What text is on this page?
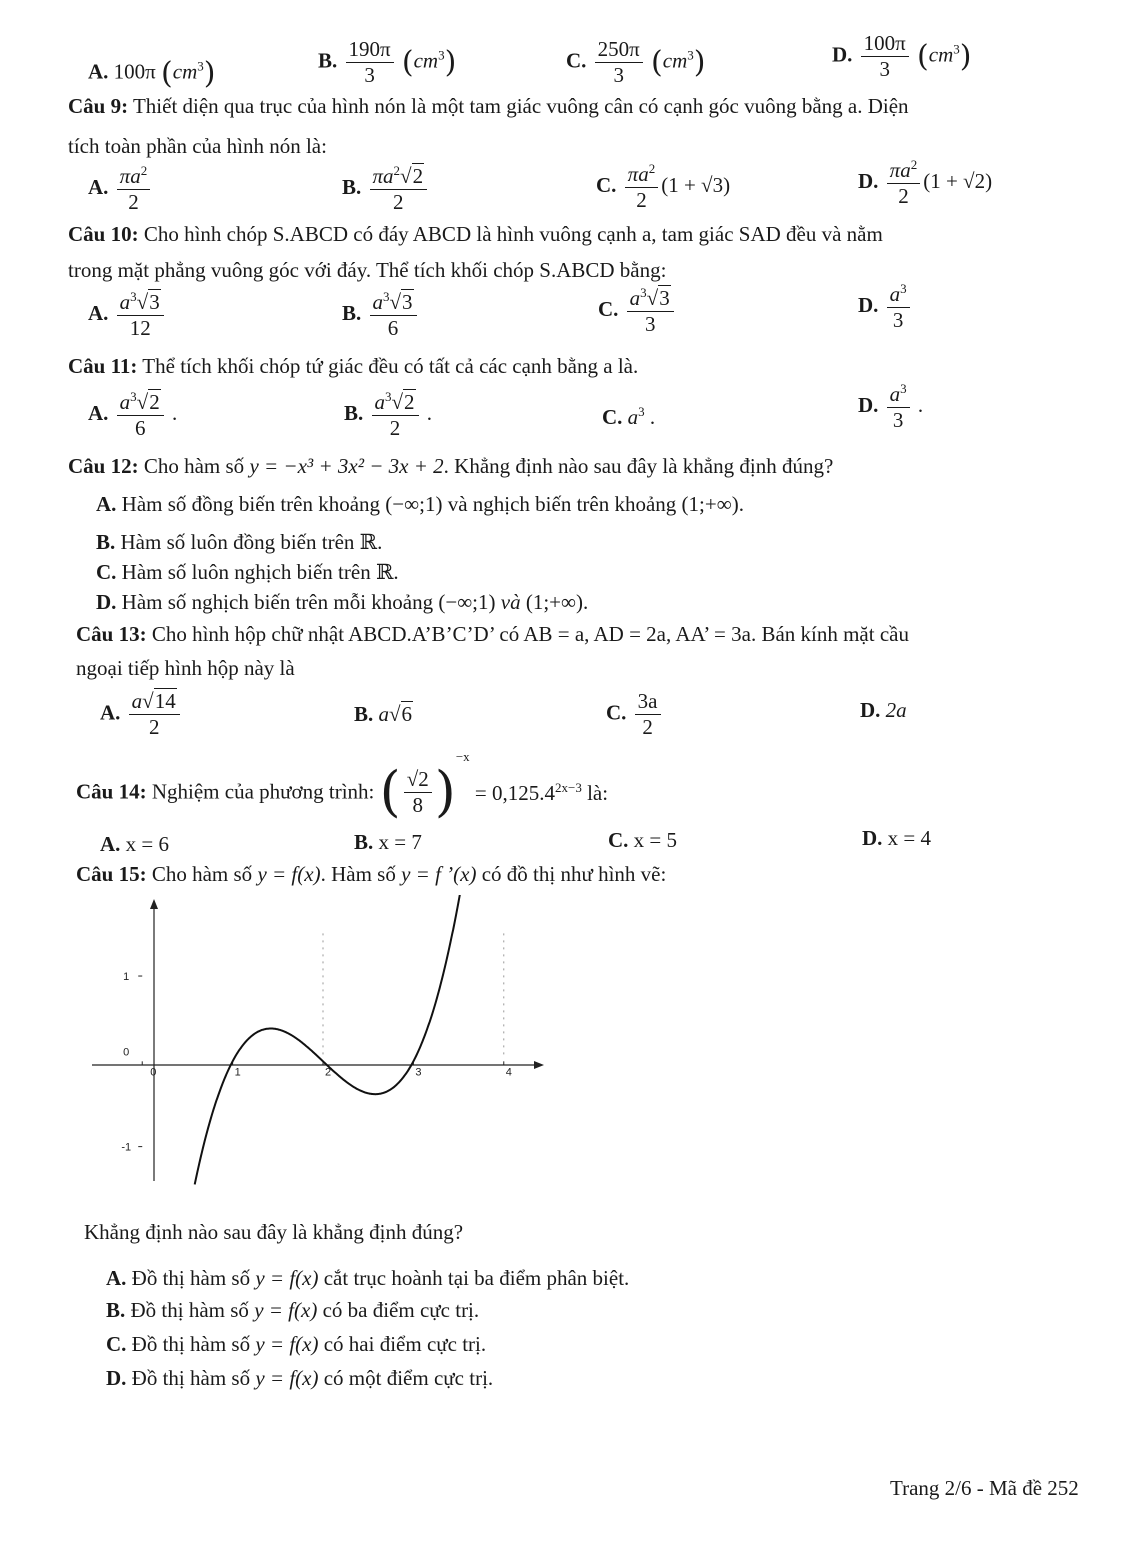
A. 100π $(cm^3)$	B. $\frac{190\pi}{3} (cm^3)$	C. $\frac{250\pi}{3} (cm^3)$	D. $\frac{100\pi}{3} (cm^3)$
Câu 9: Thiết diện qua trục của hình nón là một tam giác vuông cân có cạnh góc vuông bằng a. Diện
tích toàn phần của hình nón là:
A. $\frac{\pi a^2}{2}$	B. $\frac{\pi a^2√2}{2}$	C. $\frac{\pi a^2}{2} (1 + √3)$	D. $\frac{\pi a^2}{2} (1 + √2)$
Câu 10: Cho hình chóp S.ABCD có đáy ABCD là hình vuông cạnh a, tam giác SAD đều và nằm
trong mặt phẳng vuông góc với đáy. Thể tích khối chóp S.ABCD bằng:
A. $\frac{a^3√3}{12}$	B. $\frac{a^3√3}{6}$	C. $\frac{a^3√3}{3}$	D. $\frac{a^3}{3}$
Câu 11: Thể tích khối chóp tứ giác đều có tất cả các cạnh bằng a là.
A. $\frac{a^3√2}{6}$ .	B. $\frac{a^3√2}{2}$ .	C. $a^3$ .
D. $\frac{a^3}{3}$ .
Câu 12: Cho hàm số y = −x³ + 3x² − 3x + 2. Khẳng định nào sau đây là khẳng định đúng?
A. Hàm số đồng biến trên khoảng (−∞;1) và nghịch biến trên khoảng (1;+∞).
B. Hàm số luôn đồng biến trên ℝ.
C. Hàm số luôn nghịch biến trên ℝ.
D. Hàm số nghịch biến trên mỗi khoảng (−∞;1) và (1;+∞).
Câu 13: Cho hình hộp chữ nhật ABCD.A’B’C’D’ có AB = a, AD = 2a, AA’ = 3a. Bán kính mặt cầu
ngoại tiếp hình hộp này là
A. $\frac{a√14}{2}$	B. a√6	C. $\frac{3a}{2}$	D. 2a
Câu 14: Nghiệm của phương trình: ( $\frac{√2}{8} )^{-x} = 0,125.4^{2x-3}$ là:
A. x = 6	B. x = 7	C. x = 5	D. x = 4
Câu 15: Cho hàm số y = f(x). Hàm số y = f ’(x) có đồ thị như hình vẽ:
0	1	2	3	4
1
0
-1
Khẳng định nào sau đây là khẳng định đúng?
A. Đồ thị hàm số y = f(x) cắt trục hoành tại ba điểm phân biệt.
B. Đồ thị hàm số y = f(x) có ba điểm cực trị.
C. Đồ thị hàm số y = f(x) có hai điểm cực trị.
D. Đồ thị hàm số y = f(x) có một điểm cực trị.
Trang 2/6 - Mã đề 252
